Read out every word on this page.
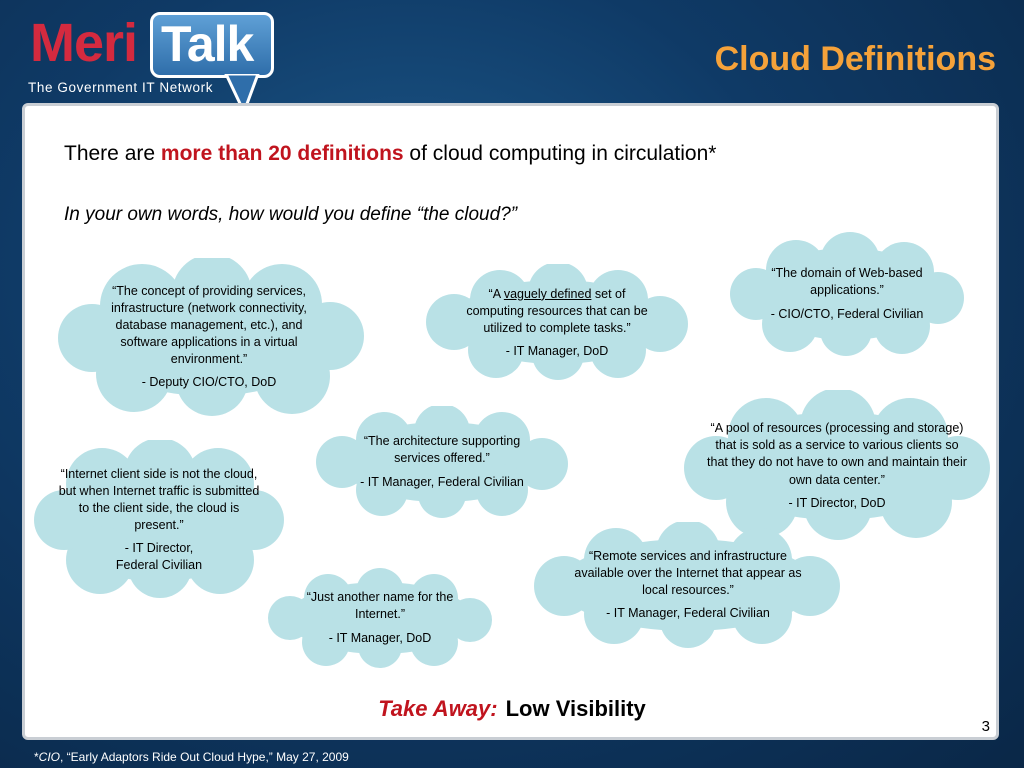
Meri Talk
The Government IT Network
Cloud Definitions
There are more than 20 definitions of cloud computing in circulation*
In your own words, how would you define “the cloud?”

“The concept of providing services, infrastructure (network connectivity, database management, etc.), and software applications in a virtual environment.”

- Deputy CIO/CTO, DoD

“A vaguely defined set of computing resources that can be utilized to complete tasks.”

- IT Manager, DoD

“The domain of Web-based applications.”

- CIO/CTO, Federal Civilian

“The architecture supporting services offered.”

- IT Manager, Federal Civilian

“A pool of resources (processing and storage) that is sold as a service to various clients so that they do not have to own and maintain their own data center.”

- IT Director, DoD

“Internet client side is not the cloud, but when Internet traffic is submitted to the client side, the cloud is present.”

- IT Director,
Federal Civilian

“Remote services and infrastructure available over the Internet that appear as local resources.”

- IT Manager, Federal Civilian

“Just another name for the Internet.”

- IT Manager, DoD

Take Away: Low Visibility
3
*CIO, “Early Adaptors Ride Out Cloud Hype,” May 27, 2009
